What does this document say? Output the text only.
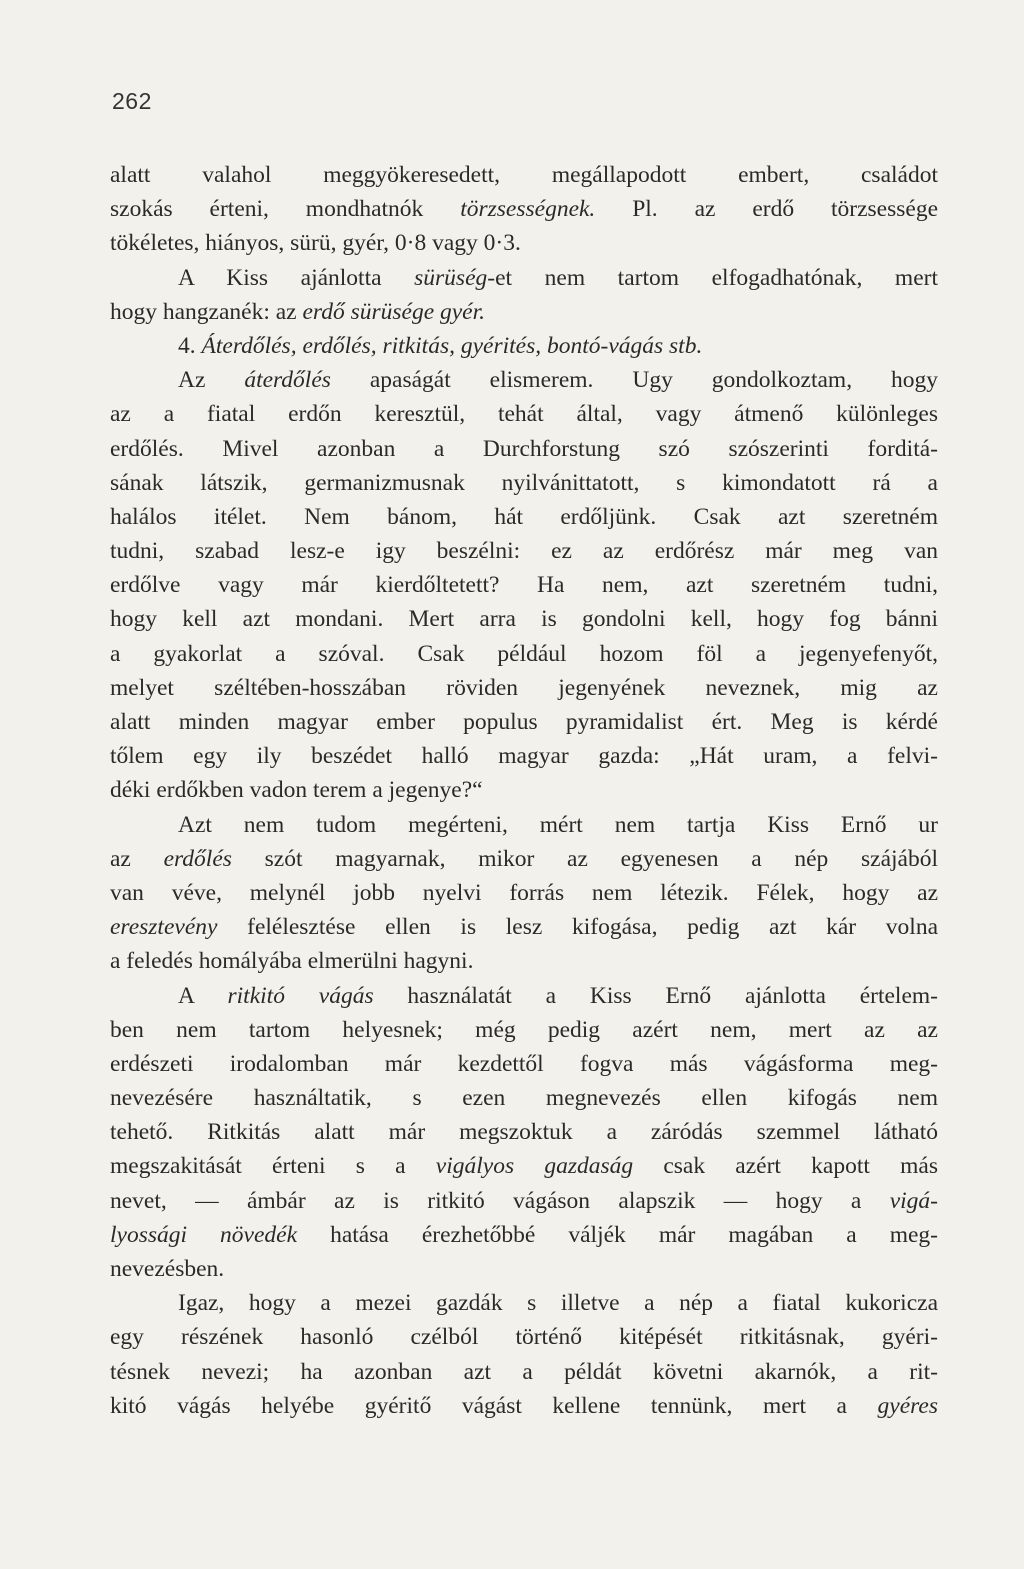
262
alatt valahol meggyökeresedett, megállapodott embert, családot
szokás érteni, mondhatnók törzsességnek. Pl. az erdő törzsessége
tökéletes, hiányos, sürü, gyér, 0·8 vagy 0·3.
A Kiss ajánlotta sürüség-et nem tartom elfogadhatónak, mert
hogy hangzanék: az erdő sürüsége gyér.
4. Áterdőlés, erdőlés, ritkitás, gyérités, bontó-vágás stb.
Az áterdőlés apaságát elismerem. Ugy gondolkoztam, hogy
az a fiatal erdőn keresztül, tehát által, vagy átmenő különleges
erdőlés. Mivel azonban a Durchforstung szó szószerinti forditá-
sának látszik, germanizmusnak nyilvánittatott, s kimondatott rá a
halálos itélet. Nem bánom, hát erdőljünk. Csak azt szeretném
tudni, szabad lesz-e igy beszélni: ez az erdőrész már meg van
erdőlve vagy már kierdőltetett? Ha nem, azt szeretném tudni,
hogy kell azt mondani. Mert arra is gondolni kell, hogy fog bánni
a gyakorlat a szóval. Csak például hozom föl a jegenyefenyőt,
melyet széltében-hosszában röviden jegenyének neveznek, mig az
alatt minden magyar ember populus pyramidalist ért. Meg is kérdé
tőlem egy ily beszédet halló magyar gazda: „Hát uram, a felvi-
déki erdőkben vadon terem a jegenye?“
Azt nem tudom megérteni, mért nem tartja Kiss Ernő ur
az erdőlés szót magyarnak, mikor az egyenesen a nép szájából
van véve, melynél jobb nyelvi forrás nem létezik. Félek, hogy az
eresztevény felélesztése ellen is lesz kifogása, pedig azt kár volna
a feledés homályába elmerülni hagyni.
A ritkitó vágás használatát a Kiss Ernő ajánlotta értelem-
ben nem tartom helyesnek; még pedig azért nem, mert az az
erdészeti irodalomban már kezdettől fogva más vágásforma meg-
nevezésére használtatik, s ezen megnevezés ellen kifogás nem
tehető. Ritkitás alatt már megszoktuk a záródás szemmel látható
megszakitását érteni s a vigályos gazdaság csak azért kapott más
nevet, — ámbár az is ritkitó vágáson alapszik — hogy a vigá-
lyossági növedék hatása érezhetőbbé váljék már magában a meg-
nevezésben.
Igaz, hogy a mezei gazdák s illetve a nép a fiatal kukoricza
egy részének hasonló czélból történő kitépését ritkitásnak, gyéri-
tésnek nevezi; ha azonban azt a példát követni akarnók, a rit-
kitó vágás helyébe gyéritő vágást kellene tennünk, mert a gyéres
